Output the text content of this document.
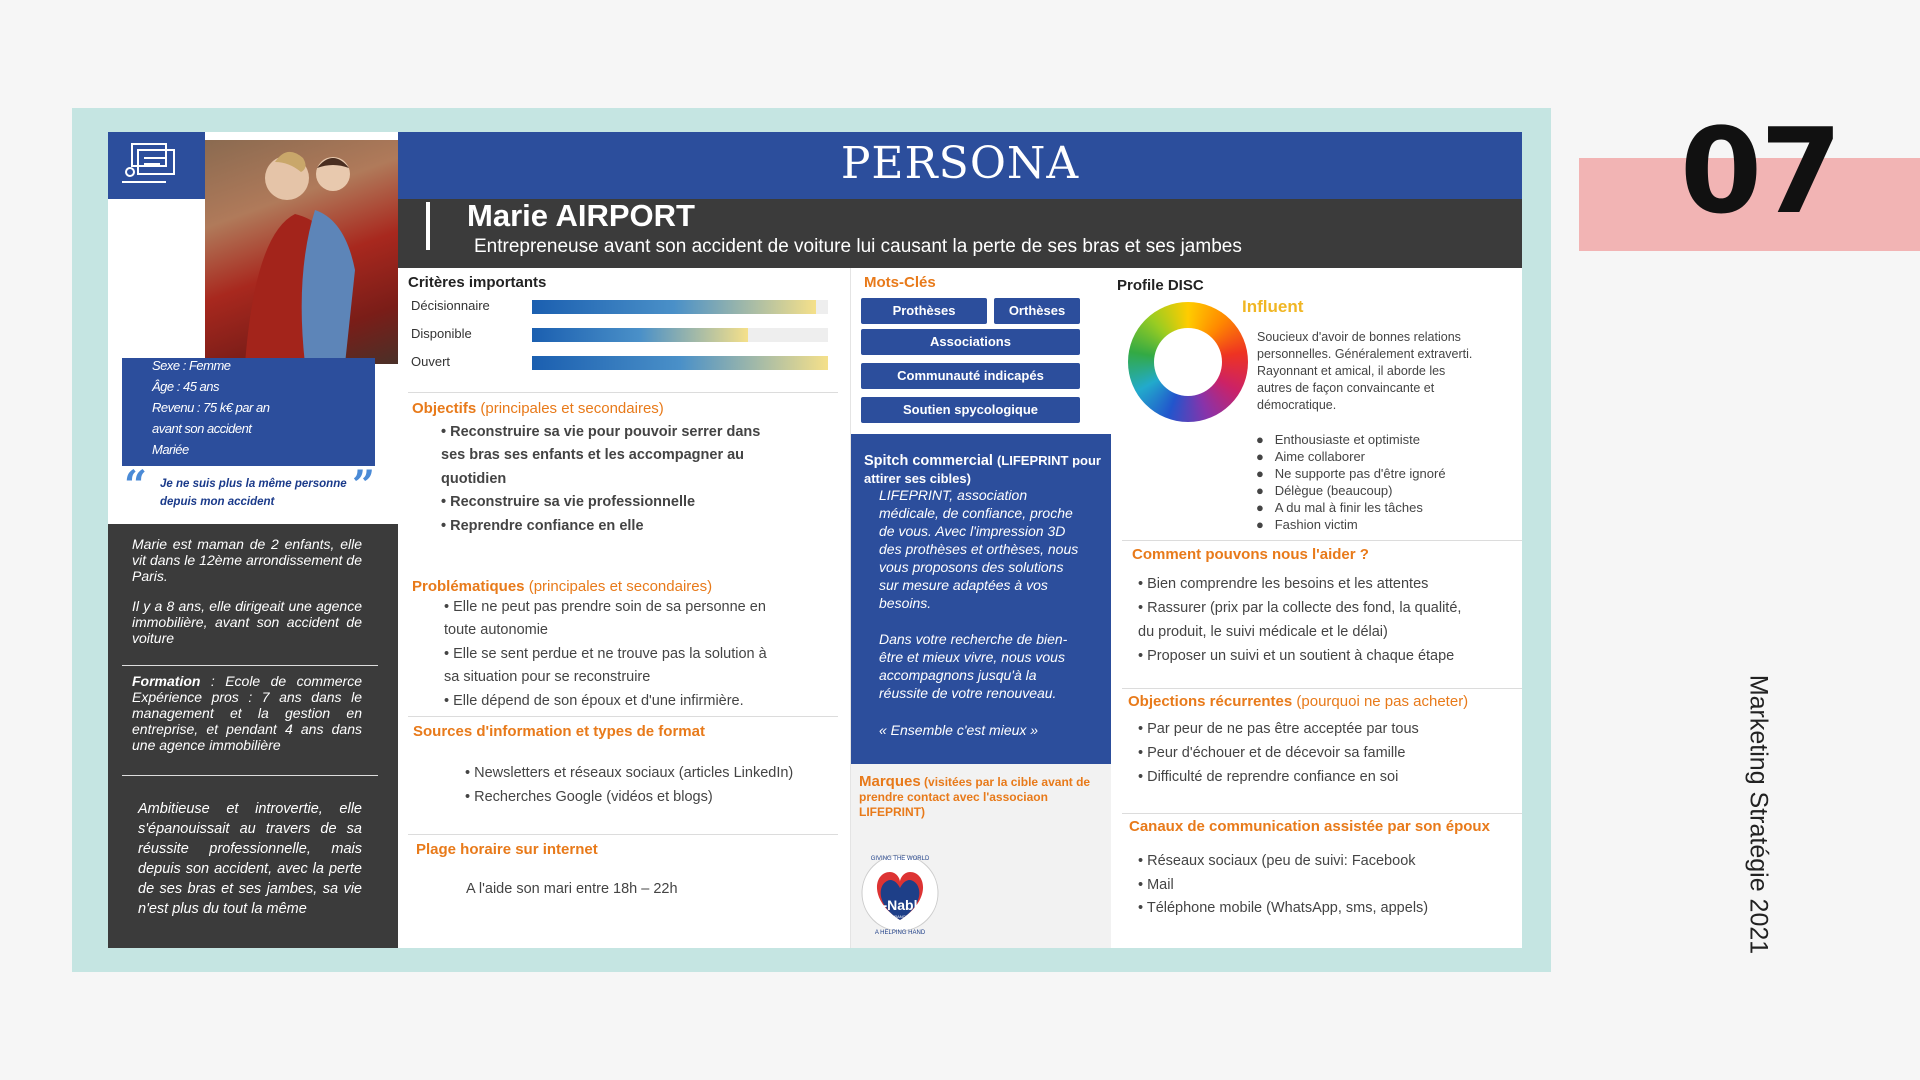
07
Marketing Stratégie 2021
PERSONA
Marie AIRPORT
Entrepreneuse avant son accident de voiture lui causant la perte de ses bras et ses jambes
Sexe : Femme
Âge : 45 ans
Revenu : 75 k€ par an
avant son accident
Mariée
“ Je ne suis plus la même personne depuis mon accident	”
Marie est maman de 2 enfants, elle vit dans le 12ème arrondissement de Paris.
Il y a 8 ans, elle dirigeait une agence immobilière, avant son accident de voiture
Formation : Ecole de commerce Expérience pros : 7 ans dans le management et la gestion en entreprise, et pendant 4 ans dans une agence immobilière
Ambitieuse et introvertie, elle s'épanouissait au travers de sa réussite professionnelle, mais depuis son accident, avec la perte de ses bras et ses jambes, sa vie n'est plus du tout la même
Critères importants
Décisionnaire
Disponible
Ouvert
Objectifs (principales et secondaires)
• Reconstruire sa vie pour pouvoir serrer dans
ses bras ses enfants et les accompagner au
quotidien
• Reconstruire sa vie professionnelle
• Reprendre confiance en elle
Problématiques (principales et secondaires)
• Elle ne peut pas prendre soin de sa personne en
toute autonomie
• Elle se sent perdue et ne trouve pas la solution à
sa situation pour se reconstruire
• Elle dépend de son époux et d'une infirmière.
Sources d'information et types de format
• Newsletters et réseaux sociaux (articles LinkedIn)
• Recherches Google (vidéos et blogs)
Plage horaire sur internet
A l'aide son mari entre 18h – 22h
Mots-Clés
Prothèses	Orthèses
Associations
Communauté indicapés
Soutien spycologique
Spitch commercial (LIFEPRINT pour attirer ses cibles)
LIFEPRINT, association
médicale, de confiance, proche
de vous. Avec l'impression 3D
des prothèses et orthèses, nous
vous proposons des solutions
sur mesure adaptées à vos
besoins.
Dans votre recherche de bien-
être et mieux vivre, nous vous
accompagnons jusqu'à la
réussite de votre renouveau.
« Ensemble c'est mieux »
Marques (visitées par la cible avant de prendre contact avec l'associaon LIFEPRINT)
e-Nable
FRANCE
GIVING THE WORLD
A HELPING HAND
Profile DISC
Influent
Soucieux d'avoir de bonnes relations
personnelles. Généralement extraverti.
Rayonnant et amical, il aborde les
autres de façon convaincante et
démocratique.
●   Enthousiaste et optimiste
●   Aime collaborer
●   Ne supporte pas d'être ignoré
●   Délègue (beaucoup)
●   A du mal à finir les tâches
●   Fashion victim
Comment pouvons nous l'aider ?
• Bien comprendre les besoins et les attentes
• Rassurer (prix par la collecte des fond, la qualité,
du produit, le suivi médicale et le délai)
• Proposer un suivi et un soutient à chaque étape
Objections récurrentes (pourquoi ne pas acheter)
• Par peur de ne pas être acceptée par tous
• Peur d'échouer et de décevoir sa famille
• Difficulté de reprendre confiance en soi
Canaux de communication assistée par son époux
• Réseaux sociaux (peu de suivi: Facebook
• Mail
• Téléphone mobile (WhatsApp, sms, appels)
